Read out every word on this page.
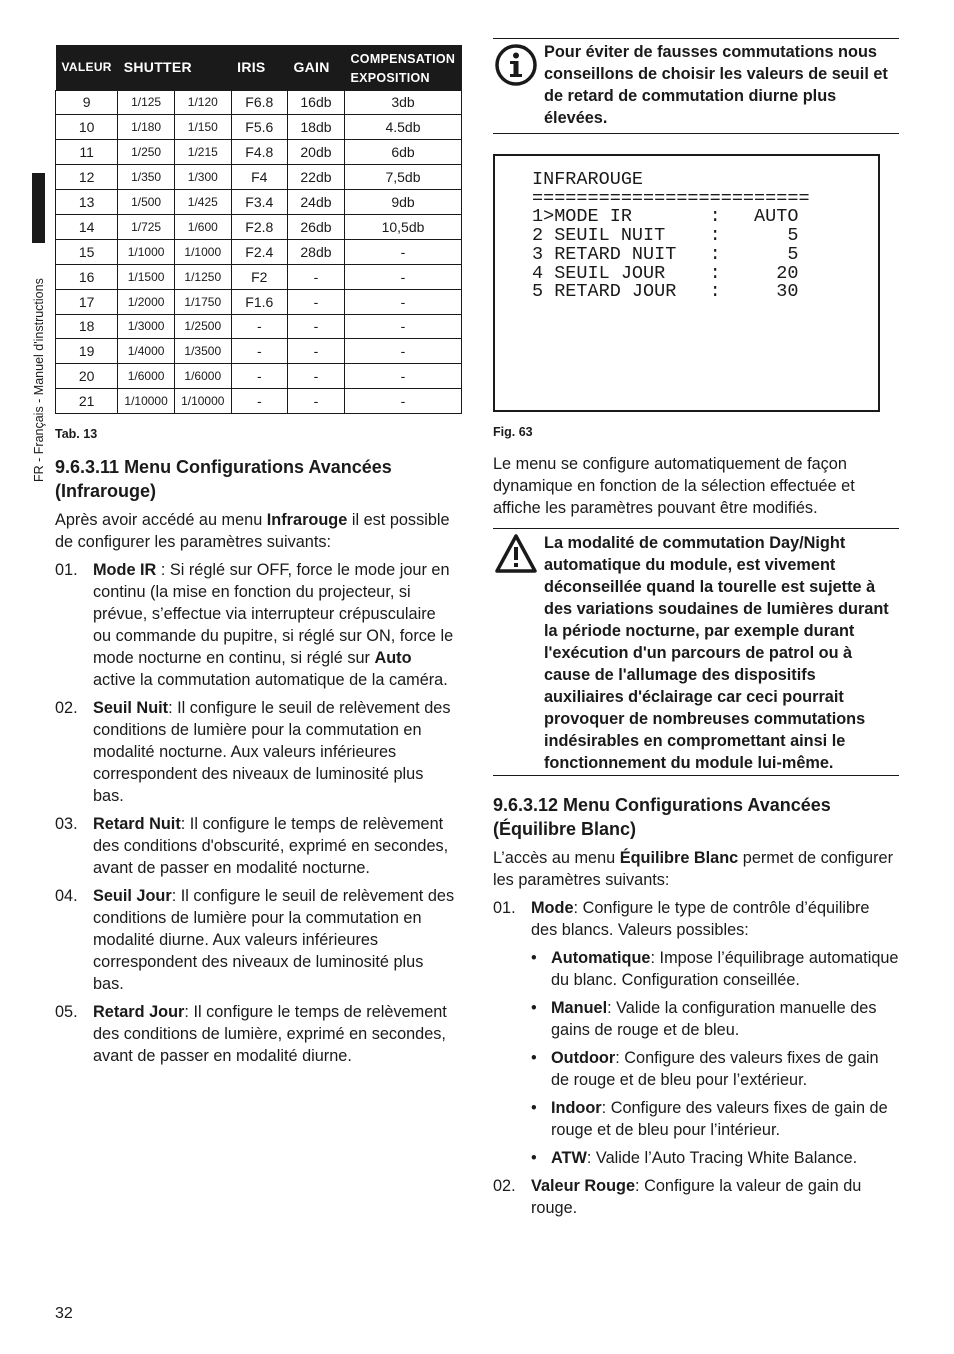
FR - Français - Manuel d'instructions
VALEUR	SHUTTER		IRIS	GAIN	COMPENSATION EXPOSITION
9	1/125	1/120	F6.8	16db	3db
10	1/180	1/150	F5.6	18db	4.5db
11	1/250	1/215	F4.8	20db	6db
12	1/350	1/300	F4	22db	7,5db
13	1/500	1/425	F3.4	24db	9db
14	1/725	1/600	F2.8	26db	10,5db
15	1/1000	1/1000	F2.4	28db	-
16	1/1500	1/1250	F2	-	-
17	1/2000	1/1750	F1.6	-	-
18	1/3000	1/2500	-	-	-
19	1/4000	1/3500	-	-	-
20	1/6000	1/6000	-	-	-
21	1/10000	1/10000	-	-	-
Tab. 13
9.6.3.11 Menu Configurations Avancées (Infrarouge)

Après avoir accédé au menu Infrarouge il est possible de configurer les paramètres suivants:

01. Mode IR : Si réglé sur OFF, force le mode jour en continu (la mise en fonction du projecteur, si prévue, s’effectue via interrupteur crépusculaire ou commande du pupitre, si réglé sur ON, force le mode nocturne en continu, si réglé sur Auto active la commutation automatique de la caméra.
02. Seuil Nuit: Il configure le seuil de relèvement des conditions de lumière pour la commutation en modalité nocturne. Aux valeurs inférieures correspondent des niveaux de luminosité plus bas.
03. Retard Nuit: Il configure le temps de relèvement des conditions d'obscurité, exprimé en secondes, avant de passer en modalité nocturne.
04. Seuil Jour: Il configure le seuil de relèvement des conditions de lumière pour la commutation en modalité diurne. Aux valeurs inférieures correspondent des niveaux de luminosité plus bas.
05. Retard Jour: Il configure le temps de relèvement des conditions de lumière, exprimé en secondes, avant de passer en modalité diurne.
Pour éviter de fausses commutations nous conseillons de choisir les valeurs de seuil et de retard de commutation diurne plus élevées.
INFRAROUGE
=========================
1>MODE IR       :   AUTO
2 SEUIL NUIT    :      5
3 RETARD NUIT   :      5
4 SEUIL JOUR    :     20
5 RETARD JOUR   :     30
Fig. 63

Le menu se configure automatiquement de façon dynamique en fonction de la sélection effectuée et affiche les paramètres pouvant être modifiés.

La modalité de commutation Day/Night automatique du module, est vivement déconseillée quand la tourelle est sujette à des variations soudaines de lumières durant la période nocturne, par exemple durant l'exécution d'un parcours de patrol ou à cause de l'allumage des dispositifs auxiliaires d'éclairage car ceci pourrait provoquer de nombreuses commutations indésirables en compromettant ainsi le fonctionnement du module lui-même.
9.6.3.12 Menu Configurations Avancées (Équilibre Blanc)

L’accès au menu Équilibre Blanc permet de configurer les paramètres suivants:

01. Mode: Configure le type de contrôle d’équilibre des blancs. Valeurs possibles:
• Automatique: Impose l’équilibrage automatique du blanc. Configuration conseillée.
• Manuel: Valide la configuration manuelle des gains de rouge et de bleu.
• Outdoor: Configure des valeurs fixes de gain de rouge et de bleu pour l’extérieur.
• Indoor: Configure des valeurs fixes de gain de rouge et de bleu pour l’intérieur.
• ATW: Valide l’Auto Tracing White Balance.
02. Valeur Rouge: Configure la valeur de gain du rouge.
32
